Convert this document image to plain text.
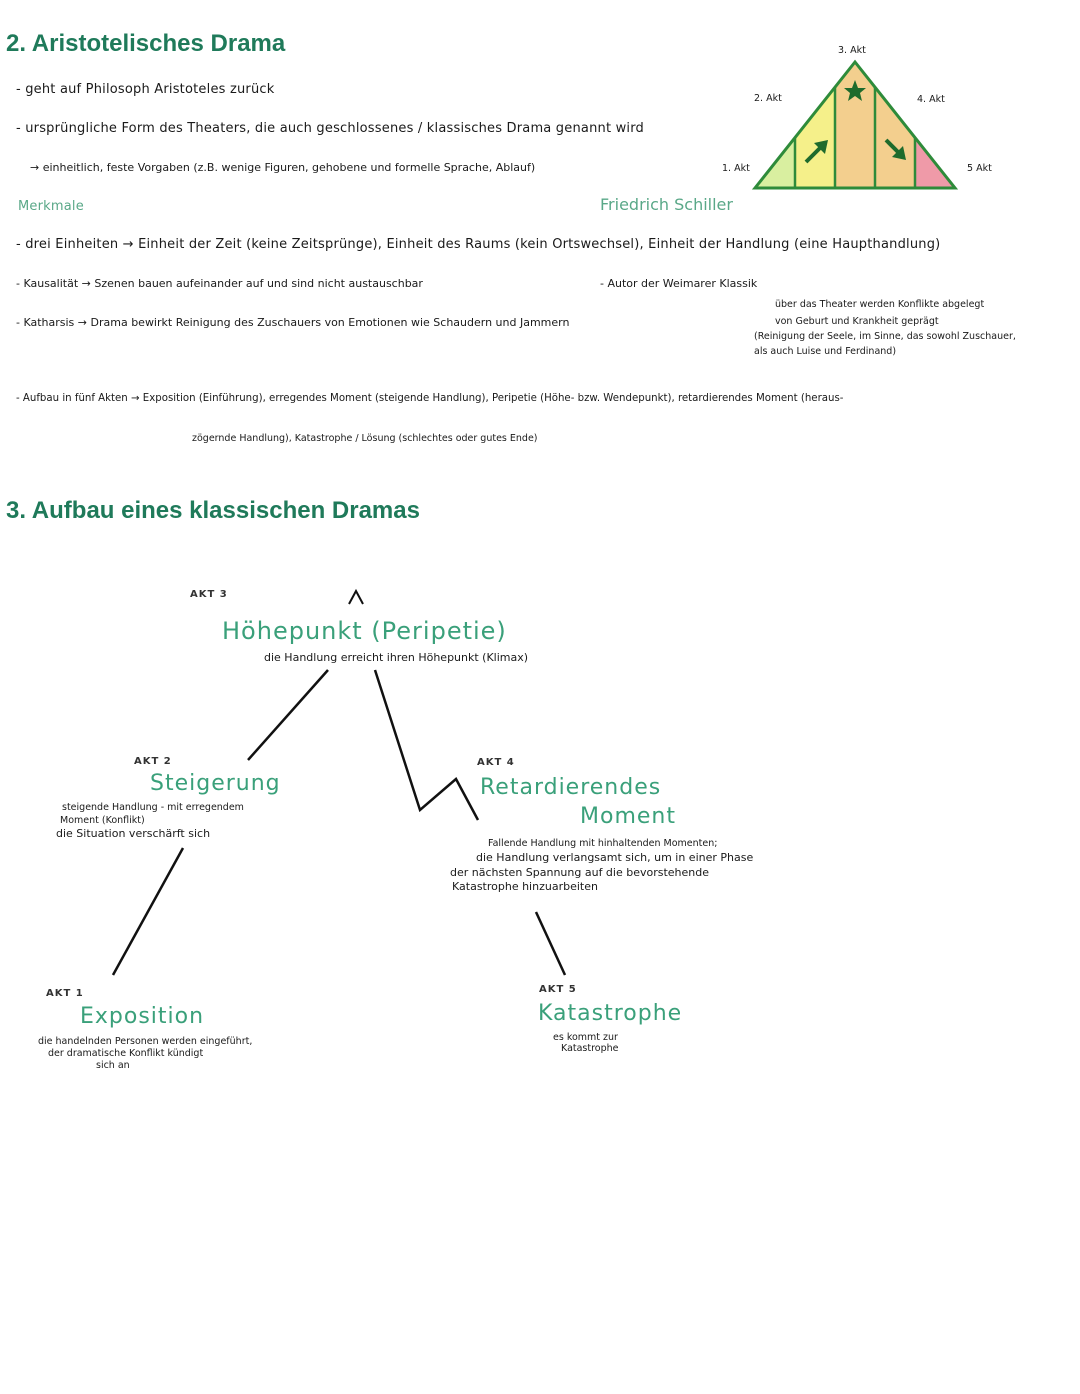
2. Aristotelisches Drama
- geht auf Philosoph Aristoteles zurück
- ursprüngliche Form des Theaters, die auch geschlossenes / klassisches Drama genannt wird
→ einheitlich, feste Vorgaben (z.B. wenige Figuren, gehobene und formelle Sprache, Ablauf)
Merkmale	Friedrich Schiller
- drei Einheiten → Einheit der Zeit (keine Zeitsprünge), Einheit des Raums (kein Ortswechsel), Einheit der Handlung (eine Haupthandlung)
- Kausalität → Szenen bauen aufeinander auf und sind nicht austauschbar	- Autor der Weimarer Klassik
- Katharsis → Drama bewirkt Reinigung des Zuschauers von Emotionen wie Schaudern und Jammern
über das Theater werden Konflikte abgelegt
von Geburt und Krankheit geprägt
(Reinigung der Seele, im Sinne, das sowohl Zuschauer,
als auch Luise und Ferdinand)
- Aufbau in fünf Akten → Exposition (Einführung), erregendes Moment (steigende Handlung), Peripetie (Höhe- bzw. Wendepunkt), retardierendes Moment (heraus-
zögernde Handlung), Katastrophe / Lösung (schlechtes oder gutes Ende)
3. Akt
2. Akt	4. Akt
1. Akt	5 Akt
3. Aufbau eines klassischen Dramas
AKT 3
Höhepunkt (Peripetie)
die Handlung erreicht ihren Höhepunkt (Klimax)
AKT 2
Steigerung
steigende Handlung - mit erregendem
Moment (Konflikt)
die Situation verschärft sich
AKT 4
Retardierendes
Moment
Fallende Handlung mit hinhaltenden Momenten;
die Handlung verlangsamt sich, um in einer Phase
der nächsten Spannung auf die bevorstehende
Katastrophe hinzuarbeiten
AKT 1
Exposition
die handelnden Personen werden eingeführt,
der dramatische Konflikt kündigt
sich an
AKT 5
Katastrophe
es kommt zur
Katastrophe
